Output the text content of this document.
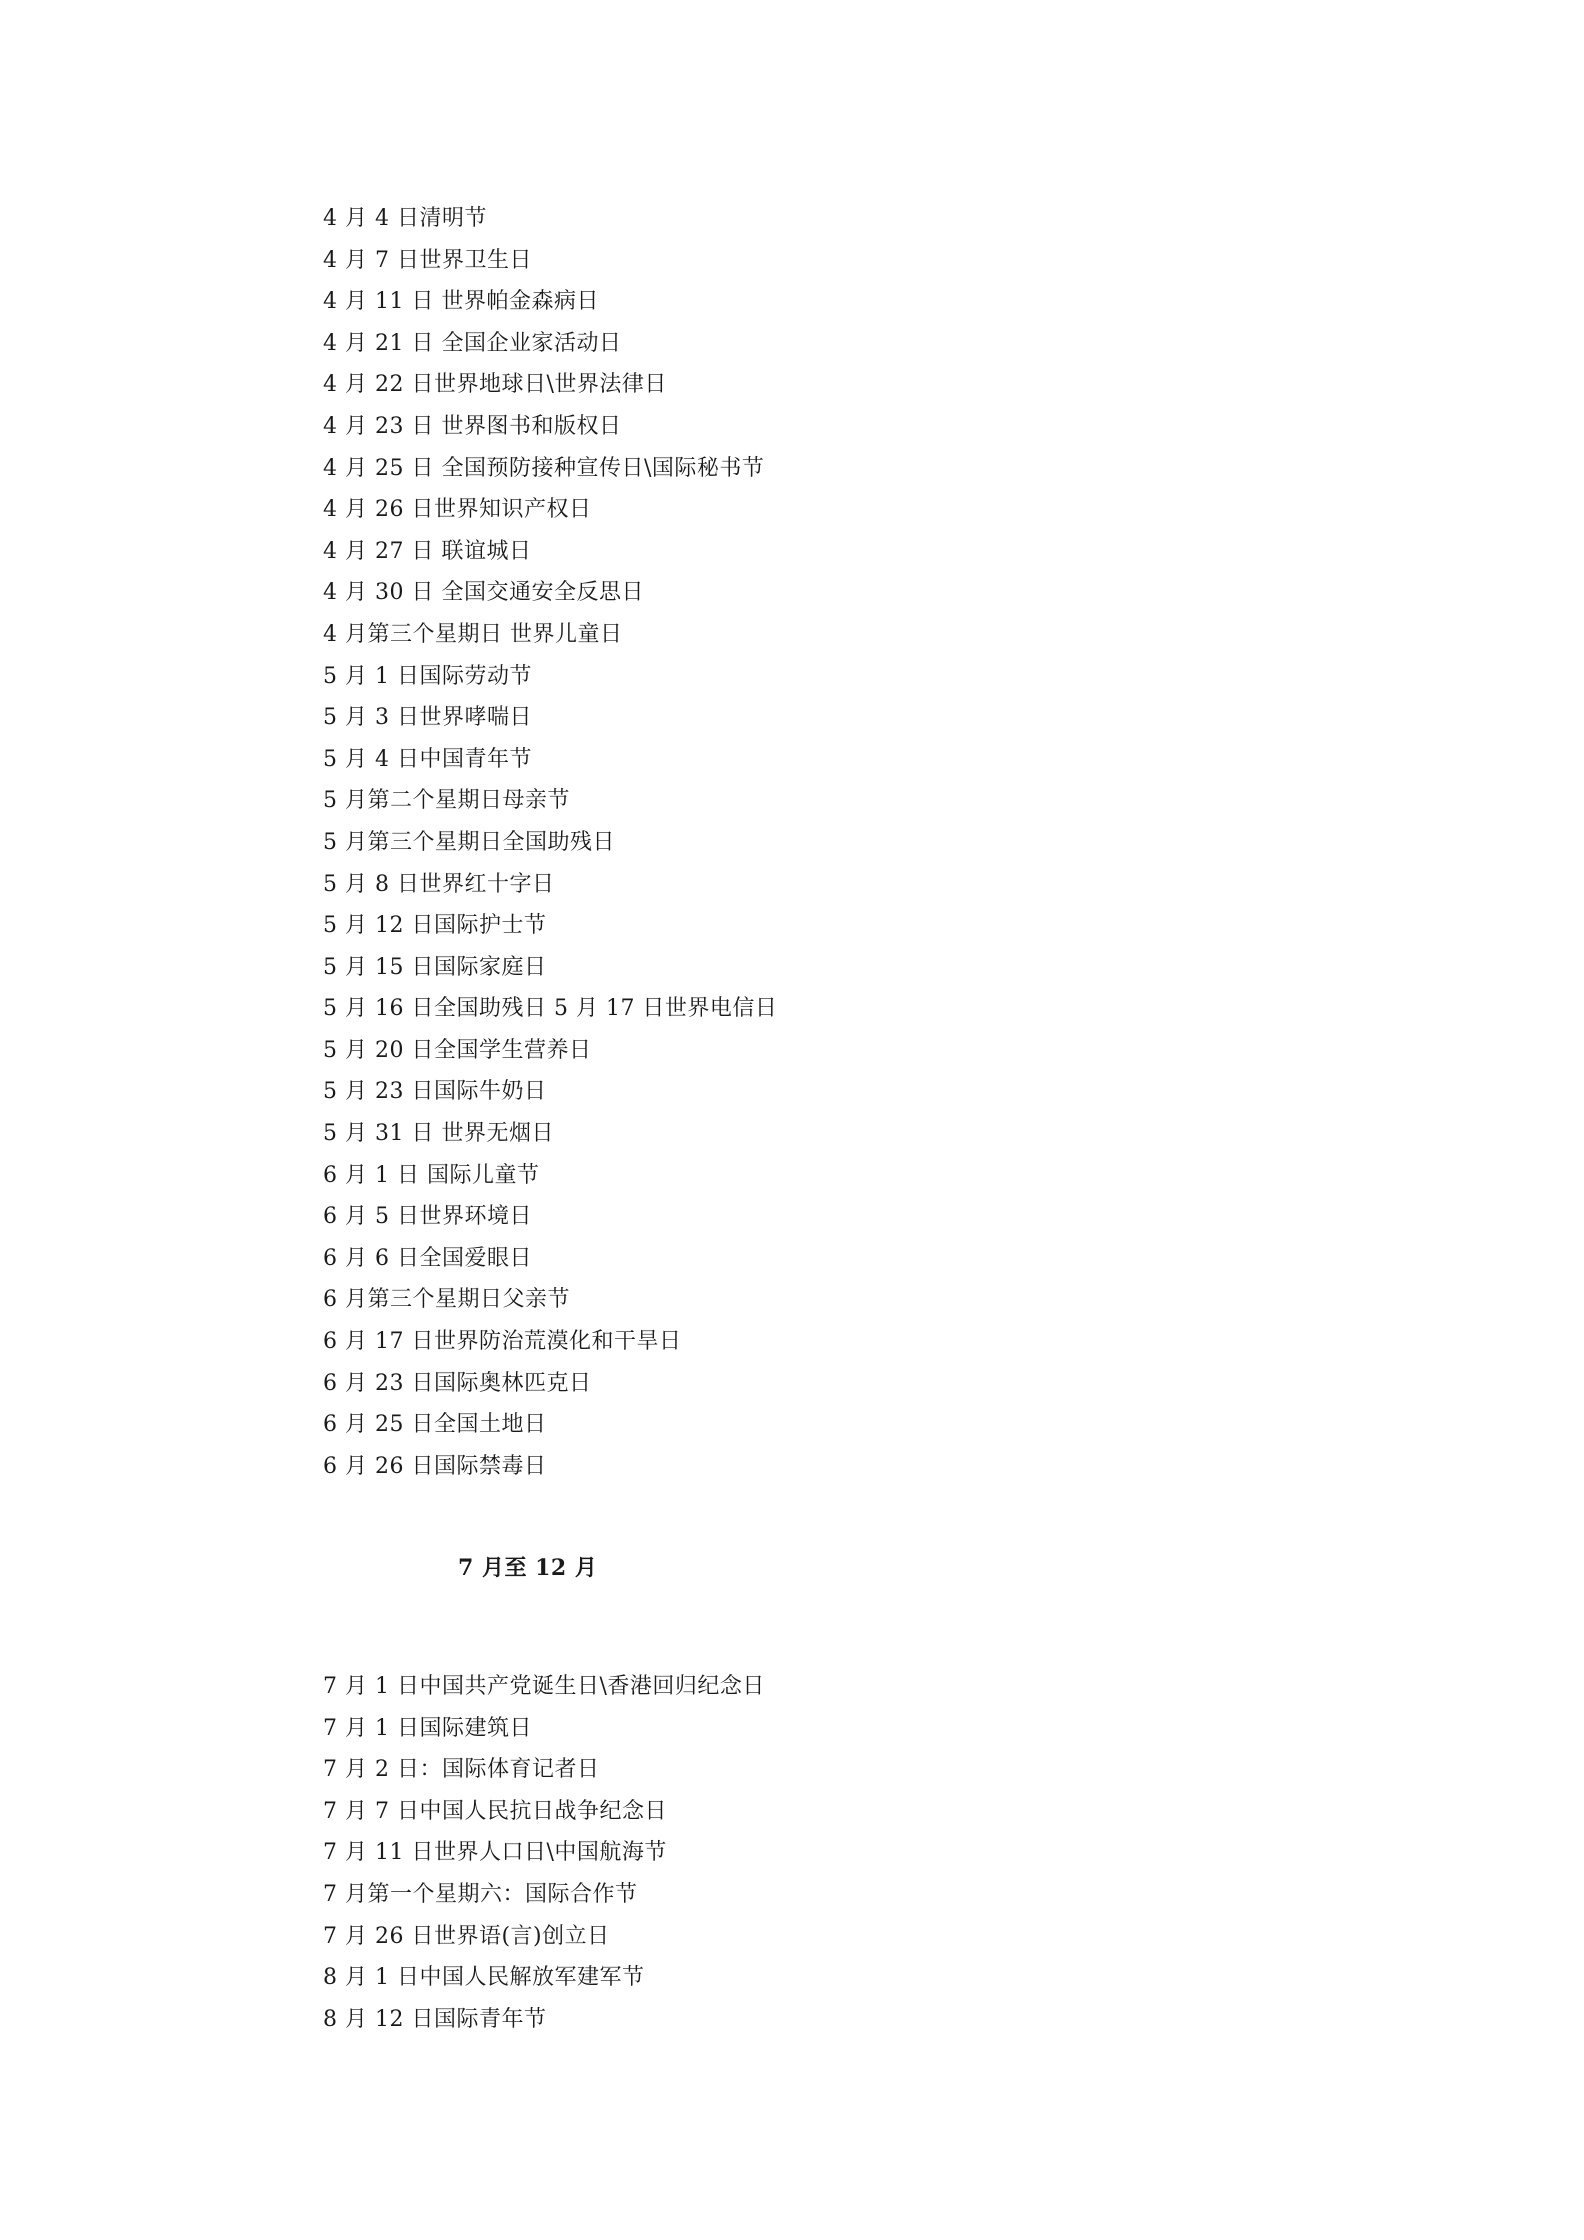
4 月 4 日清明节
4 月 7 日世界卫生日
4 月 11 日 世界帕金森病日
4 月 21 日 全国企业家活动日
4 月 22 日世界地球日\世界法律日
4 月 23 日 世界图书和版权日
4 月 25 日 全国预防接种宣传日\国际秘书节
4 月 26 日世界知识产权日
4 月 27 日 联谊城日
4 月 30 日 全国交通安全反思日
4 月第三个星期日 世界儿童日
5 月 1 日国际劳动节
5 月 3 日世界哮喘日
5 月 4 日中国青年节
5 月第二个星期日母亲节
5 月第三个星期日全国助残日
5 月 8 日世界红十字日
5 月 12 日国际护士节
5 月 15 日国际家庭日
5 月 16 日全国助残日 5 月 17 日世界电信日
5 月 20 日全国学生营养日
5 月 23 日国际牛奶日
5 月 31 日 世界无烟日
6 月 1 日 国际儿童节
6 月 5 日世界环境日
6 月 6 日全国爱眼日
6 月第三个星期日父亲节
6 月 17 日世界防治荒漠化和干旱日
6 月 23 日国际奥林匹克日
6 月 25 日全国土地日
6 月 26 日国际禁毒日
7 月至 12 月
7 月 1 日中国共产党诞生日\香港回归纪念日
7 月 1 日国际建筑日
7 月 2 日：国际体育记者日
7 月 7 日中国人民抗日战争纪念日
7 月 11 日世界人口日\中国航海节
7 月第一个星期六：国际合作节
7 月 26 日世界语(言)创立日
8 月 1 日中国人民解放军建军节
8 月 12 日国际青年节
